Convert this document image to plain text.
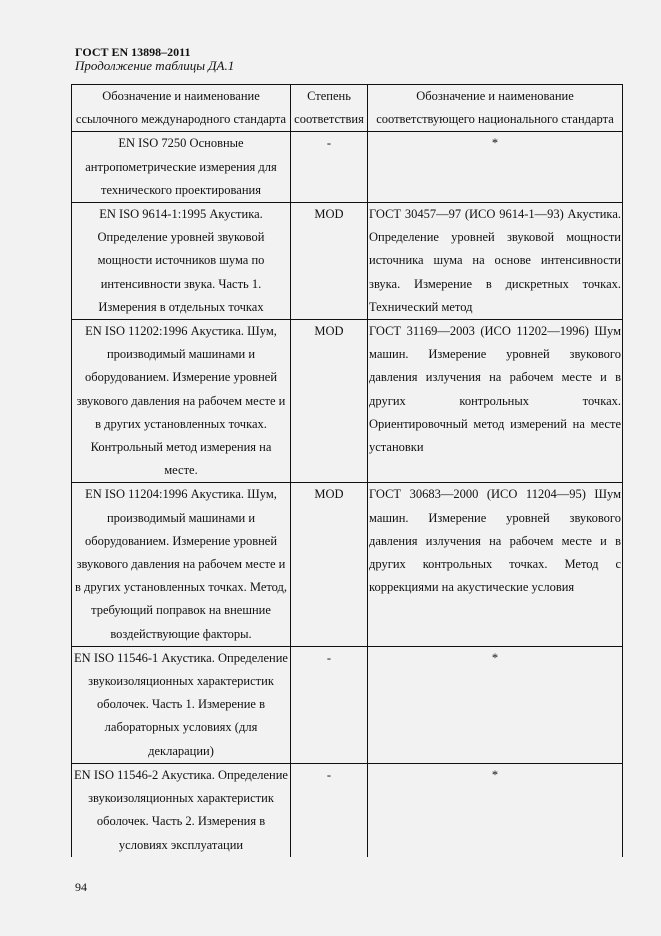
ГОСТ EN 13898–2011
Продолжение таблицы ДА.1
Обозначение и наименование ссылочного международного стандарта	Степень соответствия	Обозначение и наименование соответствующего национального стандарта
EN ISO 7250 Основные антропометрические измерения для технического проектирования	-	*
EN ISO 9614-1:1995 Акустика. Определение уровней звуковой мощности источников шума по интенсивности звука. Часть 1. Измерения в отдельных точках	MOD	ГОСТ 30457—97 (ИСО 9614-1—93) Акустика. Определение уровней звуковой мощности источника шума на основе интенсивности звука. Измерение в дискретных точках. Технический метод
EN ISO 11202:1996 Акустика. Шум, производимый машинами и оборудованием. Измерение уровней звукового давления на рабочем месте и в других установленных точках. Контрольный метод измерения на месте.	MOD	ГОСТ 31169—2003 (ИСО 11202—1996) Шум машин. Измерение уровней звукового давления излучения на рабочем месте и в других контрольных точках. Ориентировочный метод измерений на месте установки
EN ISO 11204:1996 Акустика. Шум, производимый машинами и оборудованием. Измерение уровней звукового давления на рабочем месте и в других установленных точках. Метод, требующий поправок на внешние воздействующие факторы.	MOD	ГОСТ 30683—2000 (ИСО 11204—95) Шум машин. Измерение уровней звукового давления излучения на рабочем месте и в других контрольных точках. Метод с коррекциями на акустические условия
EN ISO 11546-1 Акустика. Определение звукоизоляционных характеристик оболочек. Часть 1. Измерение в лабораторных условиях (для декларации)	-	*
EN ISO 11546-2 Акустика. Определение звукоизоляционных характеристик оболочек. Часть 2. Измерения в условиях эксплуатации	-	*
94
